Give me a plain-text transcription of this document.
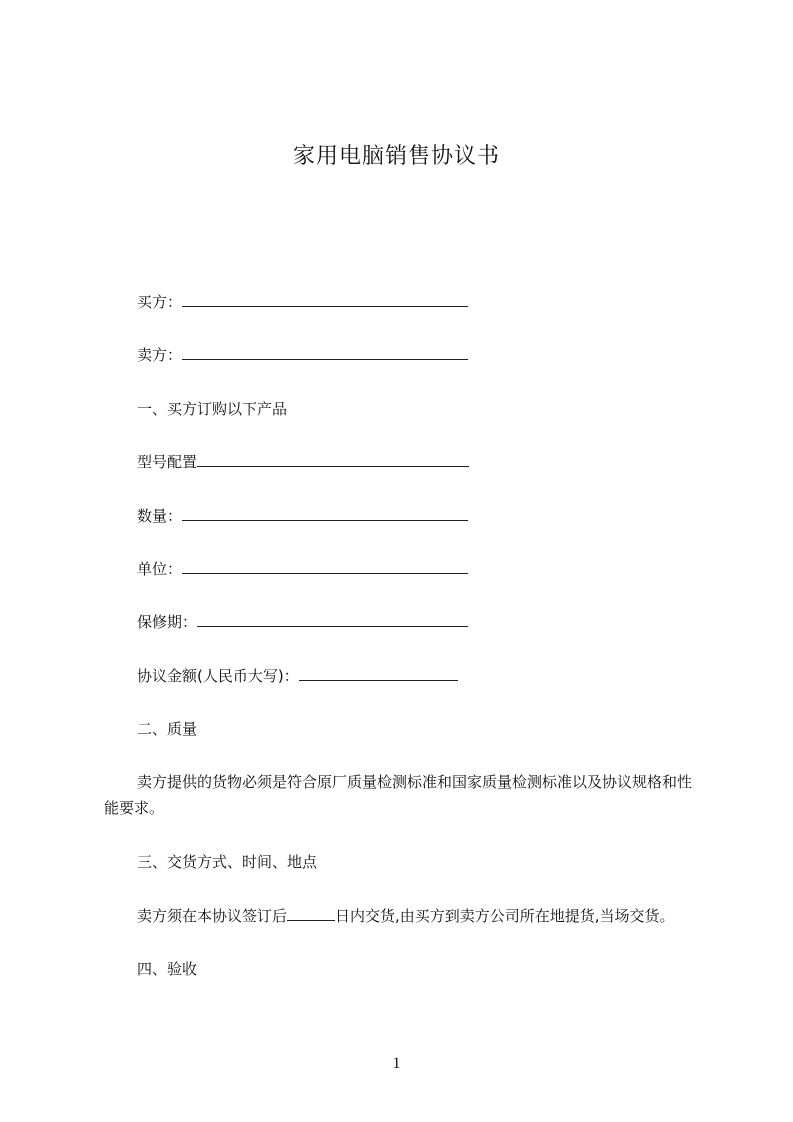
家用电脑销售协议书
买方：
卖方：
一、买方订购以下产品
型号配置
数量：
单位：
保修期：
协议金额(人民币大写)：
二、质量
卖方提供的货物必须是符合原厂质量检测标准和国家质量检测标准以及协议规格和性能要求。
三、交货方式、时间、地点
卖方须在本协议签订后	日内交货,由买方到卖方公司所在地提货,当场交货。
四、验收
1
